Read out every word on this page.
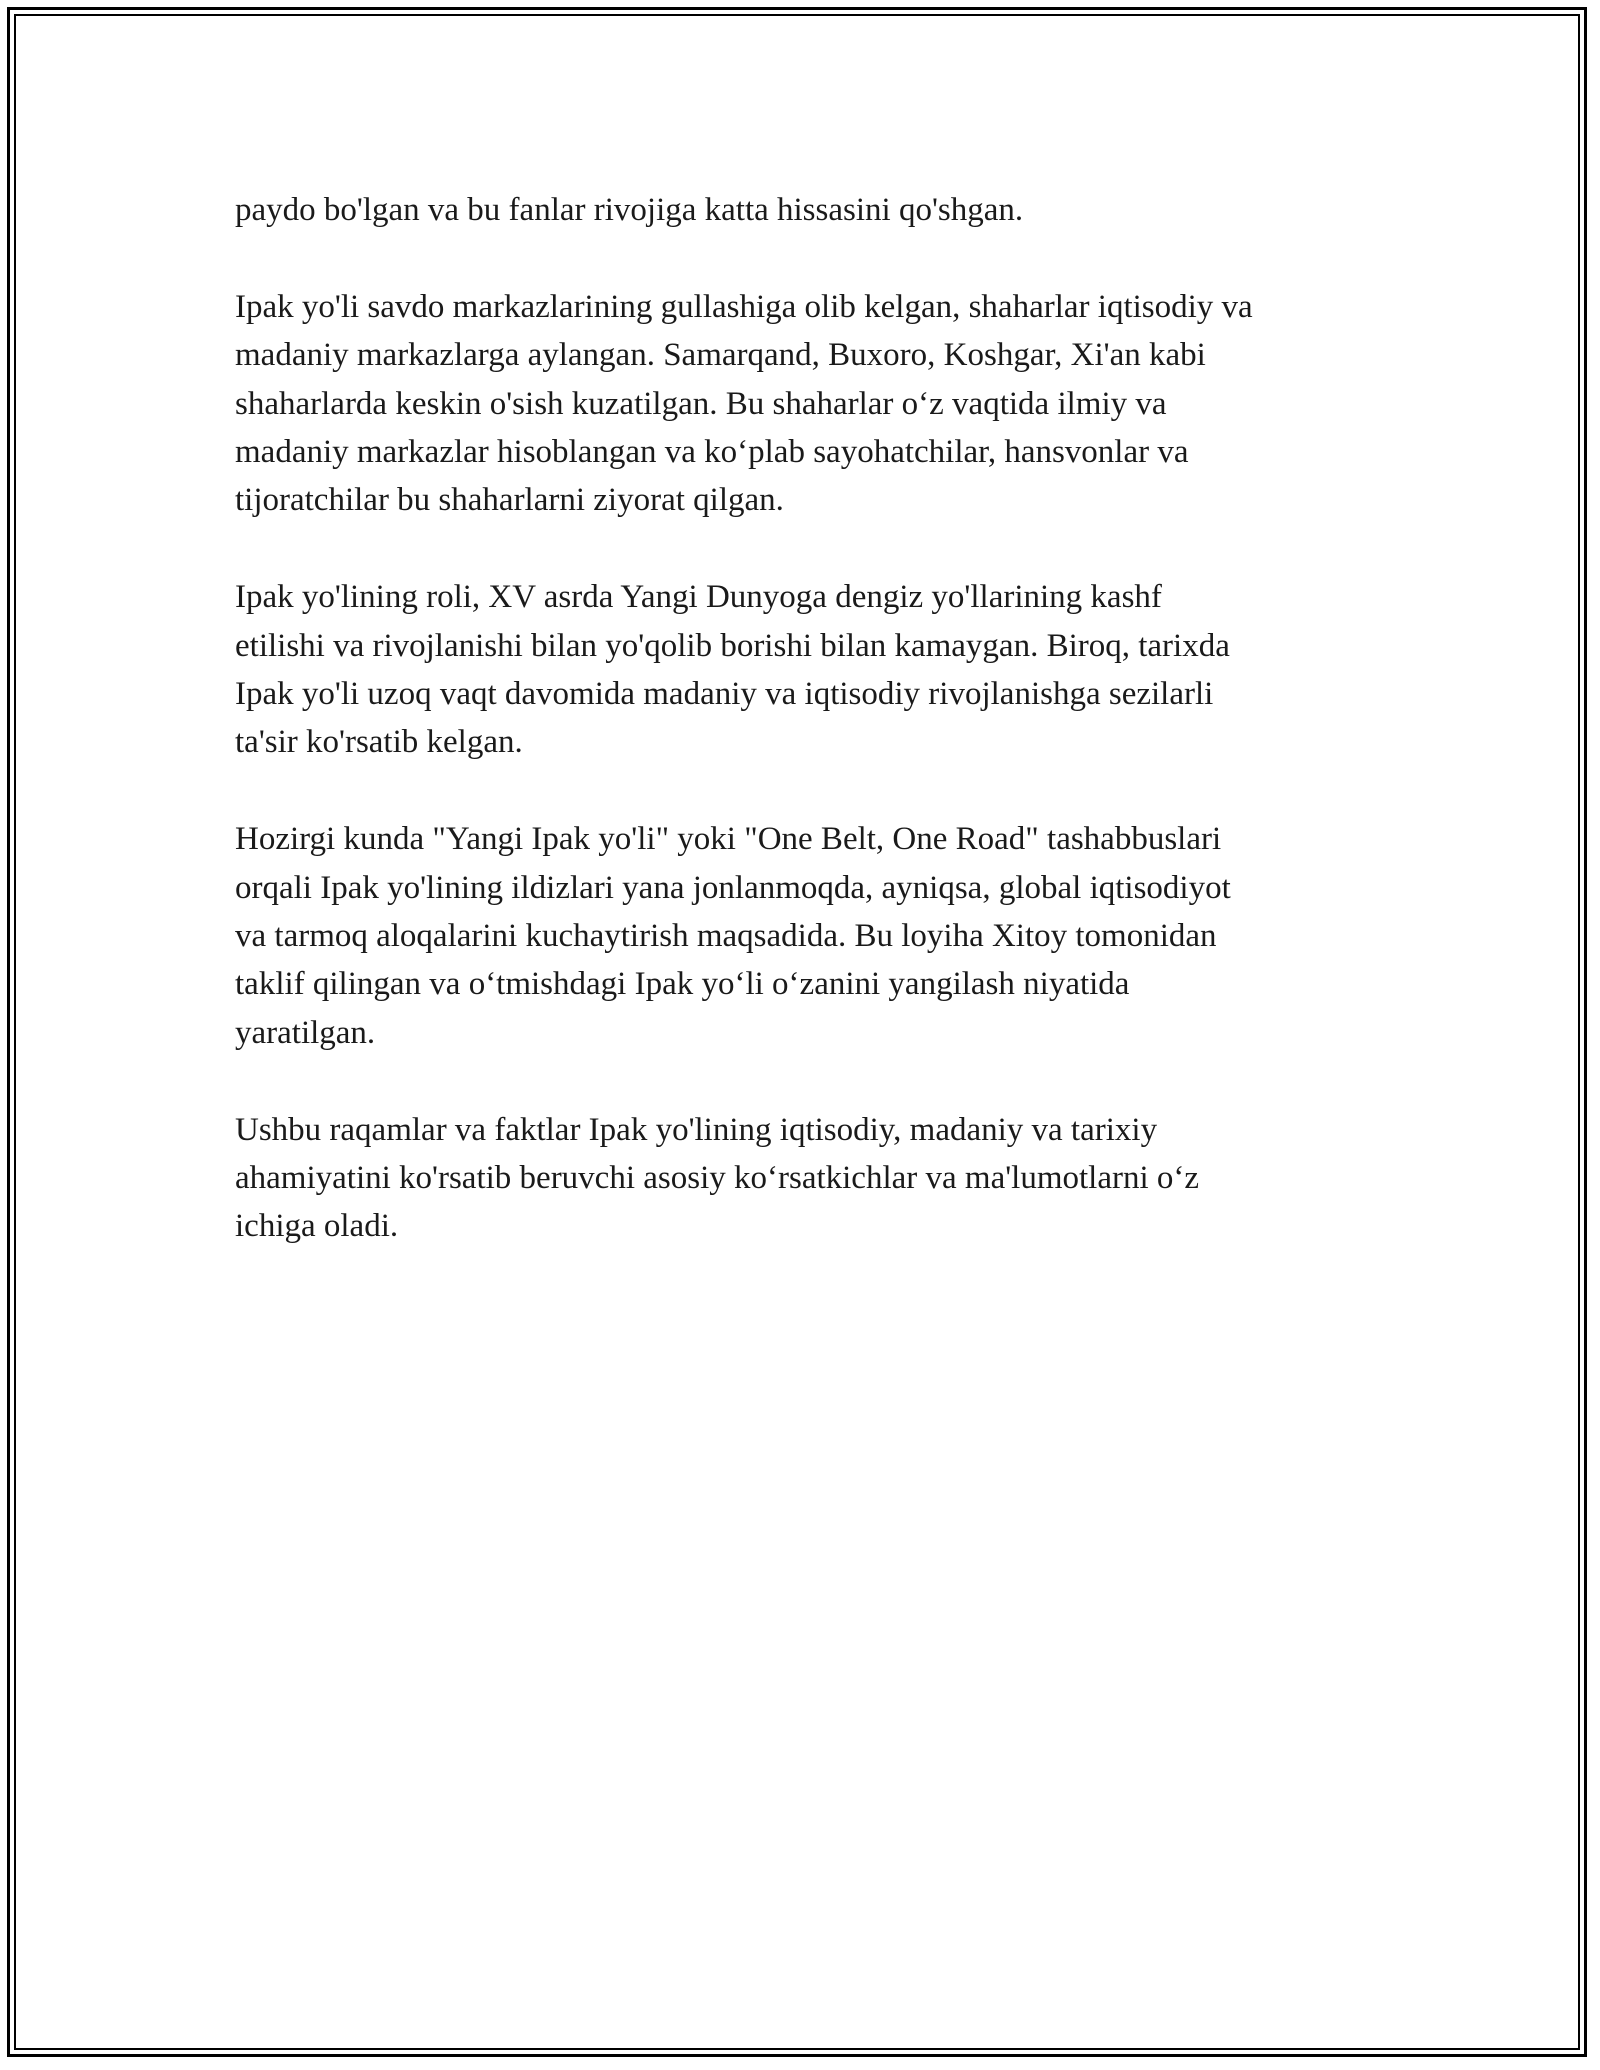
paydo bo'lgan va bu fanlar rivojiga katta hissasini qo'shgan.

Ipak yo'li savdo markazlarining gullashiga olib kelgan, shaharlar iqtisodiy va
madaniy markazlarga aylangan. Samarqand, Buxoro, Koshgar, Xi'an kabi
shaharlarda keskin o'sish kuzatilgan. Bu shaharlar o‘z vaqtida ilmiy va
madaniy markazlar hisoblangan va ko‘plab sayohatchilar, hansvonlar va
tijoratchilar bu shaharlarni ziyorat qilgan.

Ipak yo'lining roli, XV asrda Yangi Dunyoga dengiz yo'llarining kashf
etilishi va rivojlanishi bilan yo'qolib borishi bilan kamaygan. Biroq, tarixda
Ipak yo'li uzoq vaqt davomida madaniy va iqtisodiy rivojlanishga sezilarli
ta'sir ko'rsatib kelgan.

Hozirgi kunda "Yangi Ipak yo'li" yoki "One Belt, One Road" tashabbuslari
orqali Ipak yo'lining ildizlari yana jonlanmoqda, ayniqsa, global iqtisodiyot
va tarmoq aloqalarini kuchaytirish maqsadida. Bu loyiha Xitoy tomonidan
taklif qilingan va o‘tmishdagi Ipak yo‘li o‘zanini yangilash niyatida
yaratilgan.

Ushbu raqamlar va faktlar Ipak yo'lining iqtisodiy, madaniy va tarixiy
ahamiyatini ko'rsatib beruvchi asosiy ko‘rsatkichlar va ma'lumotlarni o‘z
ichiga oladi.
